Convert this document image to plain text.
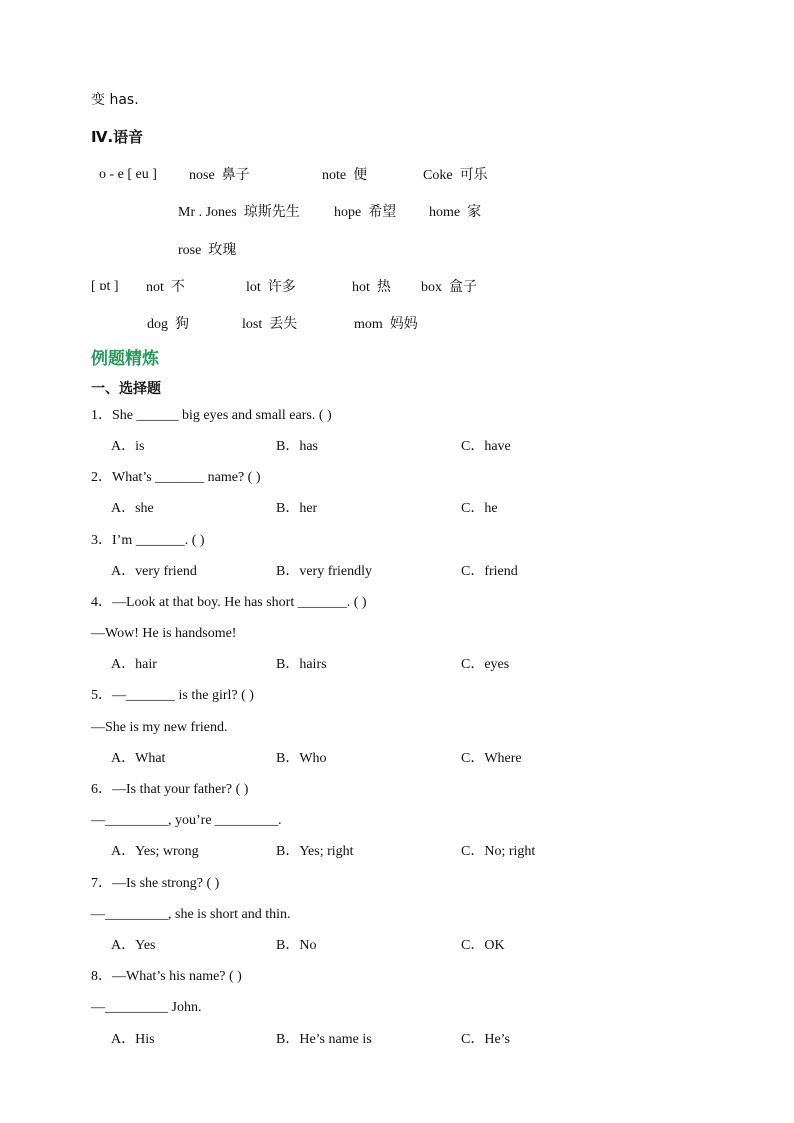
变 has.
Ⅳ.语音
o - e [ eu ] nose 鼻子	note 便	Coke 可乐
Mr . Jones 琼斯先生 hope 希望 home 家
rose 玫瑰
[ ɒt ] not 不	lot 许多	hot 热 box 盒子
dog 狗	lost 丢失	mom 妈妈
例题精炼
一、选择题
1．She ______ big eyes and small ears. ( )
A．is	B．has	C．have
2．What’s _______ name? ( )
A．she	B．her	C．he
3．I’m _______. ( )
A．very friend	B．very friendly	C．friend
4．—Look at that boy. He has short _______. ( )
—Wow! He is handsome!
A．hair	B．hairs	C．eyes
5．—_______ is the girl? ( )
—She is my new friend.
A．What	B．Who	C．Where
6．—Is that your father? ( )
—_________, you’re _________.
A．Yes; wrong	B．Yes; right	C．No; right
7．—Is she strong? ( )
—_________, she is short and thin.
A．Yes	B．No	C．OK
8．—What’s his name? ( )
—_________ John.
A．His	B．He’s name is	C．He’s
